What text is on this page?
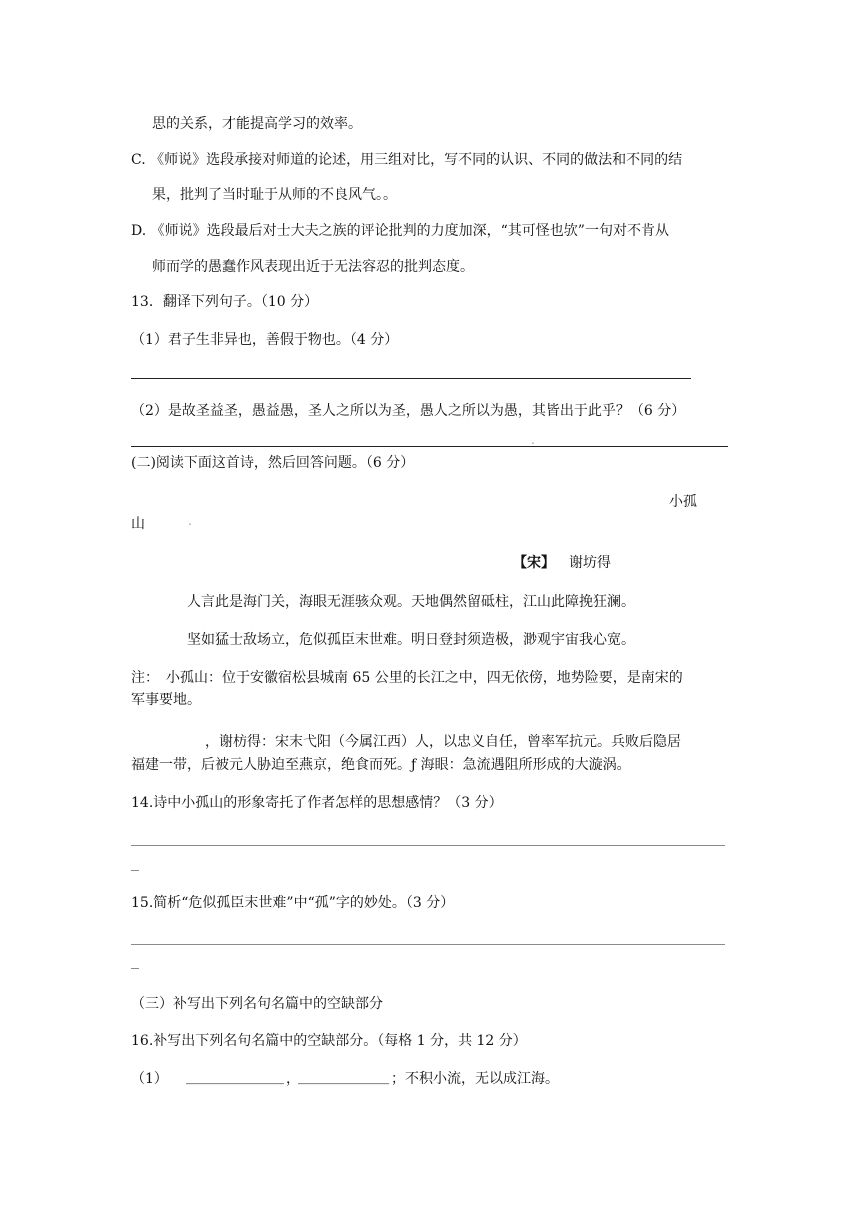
思的关系，才能提高学习的效率。
C. 《师说》选段承接对师道的论述，用三组对比，写不同的认识、不同的做法和不同的结
果，批判了当时耻于从师的不良风气。。
D. 《师说》选段最后对士大夫之族的评论批判的力度加深，“其可怪也欤”一句对不肯从
师而学的愚蠢作风表现出近于无法容忍的批判态度。
13．翻译下列句子。（10 分）
（1）君子生非异也，善假于物也。（4 分）
（2）是故圣益圣，愚益愚，圣人之所以为圣，愚人之所以为愚，其皆出于此乎？（6 分）
.
(二)阅读下面这首诗，然后回答问题。（6 分）
小孤
山	.
【宋】 谢坊得
人言此是海门关，海眼无涯骇众观。天地偶然留砥柱，江山此障挽狂澜。
坚如猛士敌场立，危似孤臣末世难。明日登封须造极，渺观宇宙我心宽。
注：　小孤山：位于安徽宿松县城南 65 公里的长江之中，四无依傍，地势险要，是南宋的
军事要地。
，谢枋得：宋末弋阳（今属江西）人，以忠义自任，曾率军抗元。兵败后隐居
福建一带，后被元人胁迫至燕京，绝食而死。ƒ 海眼：急流遇阻所形成的大漩涡。
14.诗中小孤山的形象寄托了作者怎样的思想感情？（3 分）
15.简析“危似孤臣末世难”中“孤”字的妙处。（3 分）
（三）补写出下列名句名篇中的空缺部分
16.补写出下列名句名篇中的空缺部分。（每格 1 分，共 12 分）
（1） ______________ ，
_____________ ；不积小流，无以成江海。
